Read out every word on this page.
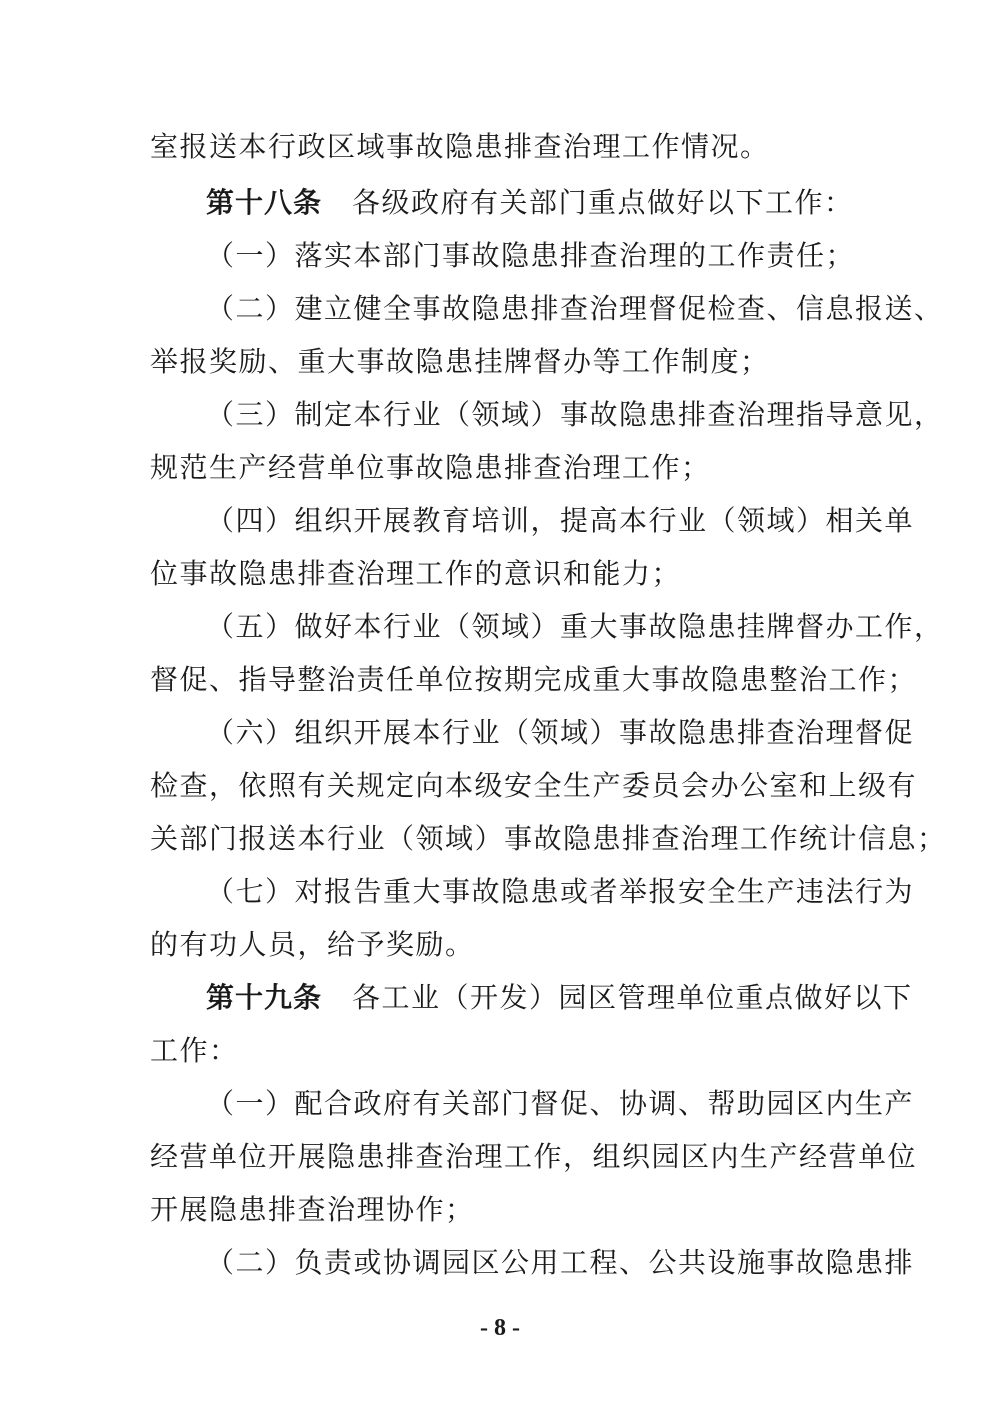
室报送本行政区域事故隐患排查治理工作情况。
第十八条 各级政府有关部门重点做好以下工作：
（一）落实本部门事故隐患排查治理的工作责任；
（二）建立健全事故隐患排查治理督促检查、信息报送、
举报奖励、重大事故隐患挂牌督办等工作制度；
（三）制定本行业（领域）事故隐患排查治理指导意见，
规范生产经营单位事故隐患排查治理工作；
（四）组织开展教育培训，提高本行业（领域）相关单
位事故隐患排查治理工作的意识和能力；
（五）做好本行业（领域）重大事故隐患挂牌督办工作，
督促、指导整治责任单位按期完成重大事故隐患整治工作；
（六）组织开展本行业（领域）事故隐患排查治理督促
检查，依照有关规定向本级安全生产委员会办公室和上级有
关部门报送本行业（领域）事故隐患排查治理工作统计信息；
（七）对报告重大事故隐患或者举报安全生产违法行为
的有功人员，给予奖励。
第十九条 各工业（开发）园区管理单位重点做好以下
工作：
（一）配合政府有关部门督促、协调、帮助园区内生产
经营单位开展隐患排查治理工作，组织园区内生产经营单位
开展隐患排查治理协作；
（二）负责或协调园区公用工程、公共设施事故隐患排
- 8 -
